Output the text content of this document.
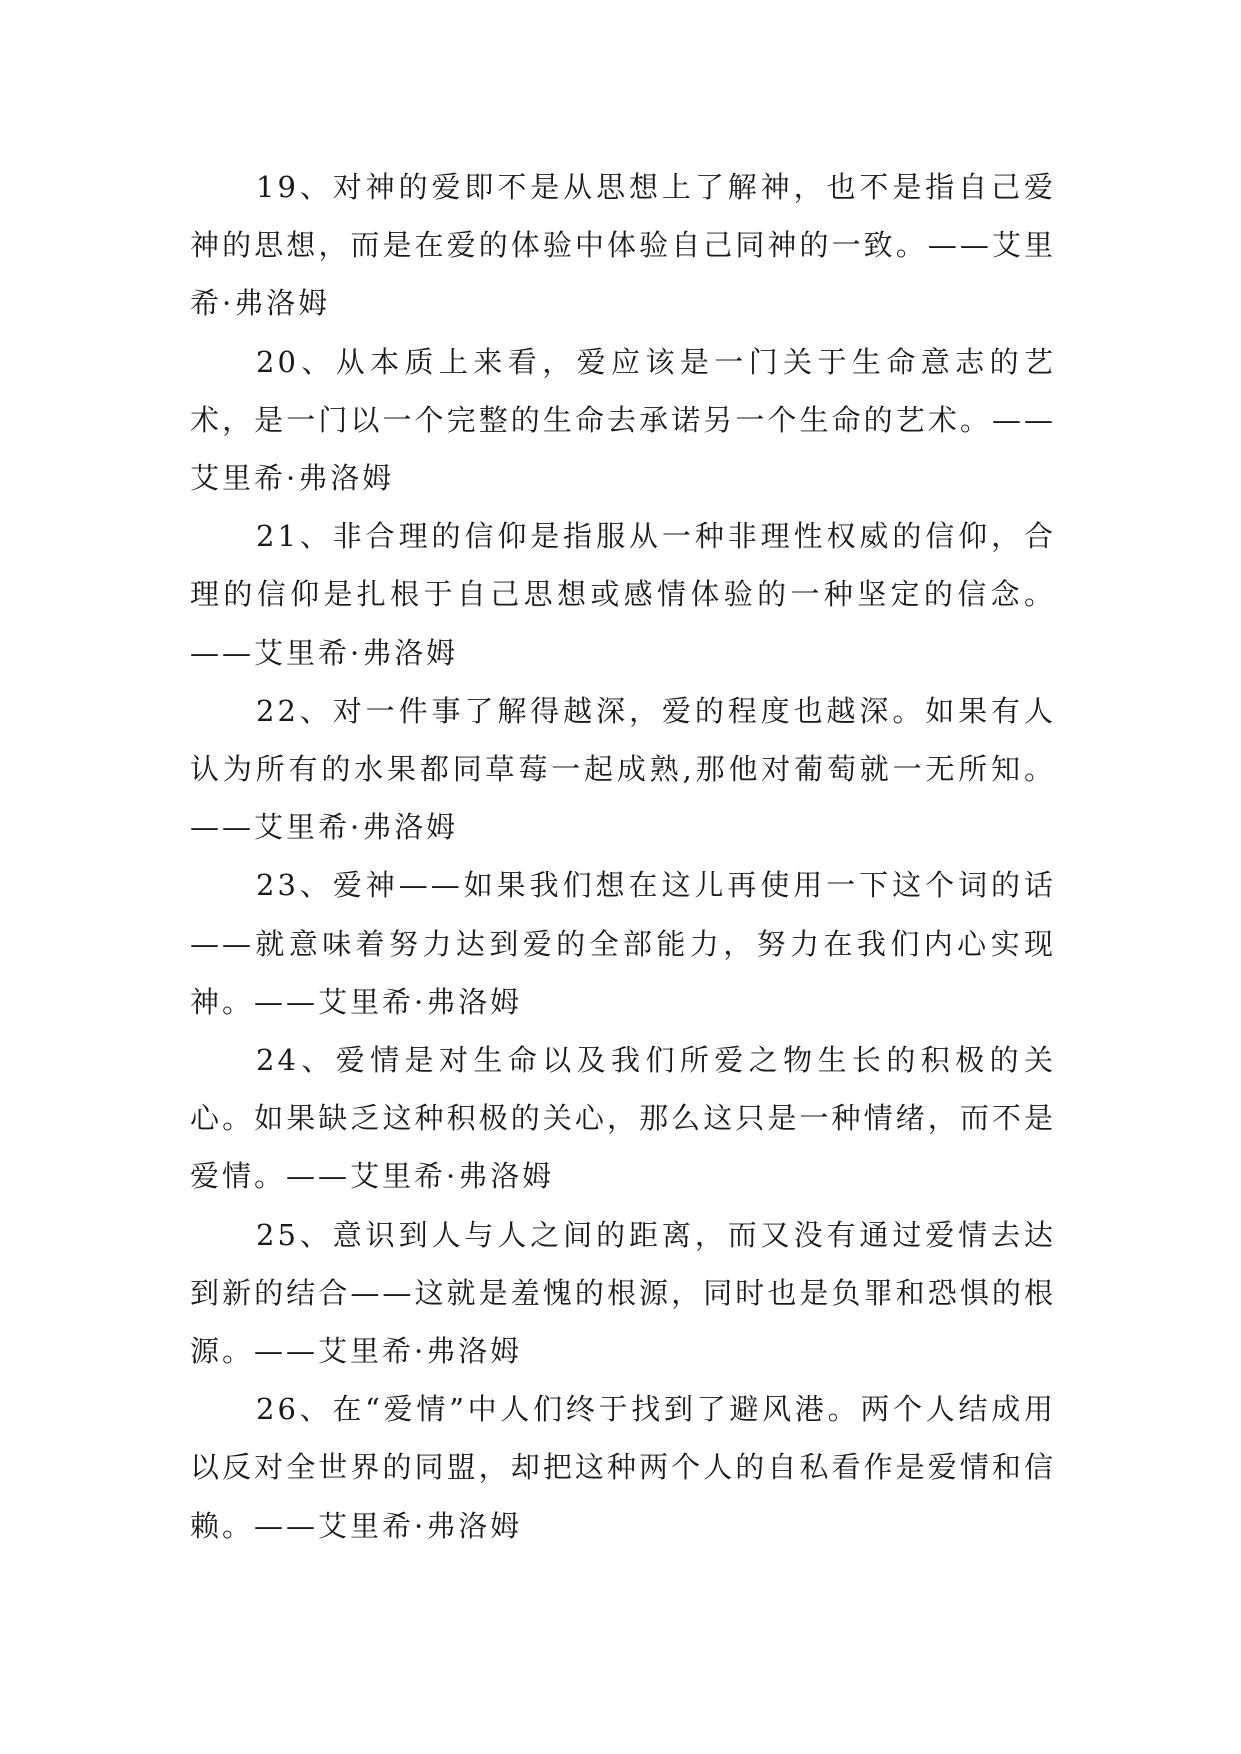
19、对神的爱即不是从思想上了解神，也不是指自己爱神的思想，而是在爱的体验中体验自己同神的一致。——艾里希·弗洛姆

20、从本质上来看，爱应该是一门关于生命意志的艺术，是一门以一个完整的生命去承诺另一个生命的艺术。——艾里希·弗洛姆

21、非合理的信仰是指服从一种非理性权威的信仰，合理的信仰是扎根于自己思想或感情体验的一种坚定的信念。——艾里希·弗洛姆

22、对一件事了解得越深，爱的程度也越深。如果有人认为所有的水果都同草莓一起成熟,那他对葡萄就一无所知。——艾里希·弗洛姆

23、爱神——如果我们想在这儿再使用一下这个词的话——就意味着努力达到爱的全部能力，努力在我们内心实现神。——艾里希·弗洛姆

24、爱情是对生命以及我们所爱之物生长的积极的关心。如果缺乏这种积极的关心，那么这只是一种情绪，而不是爱情。——艾里希·弗洛姆

25、意识到人与人之间的距离，而又没有通过爱情去达到新的结合——这就是羞愧的根源，同时也是负罪和恐惧的根源。——艾里希·弗洛姆

26、在“爱情”中人们终于找到了避风港。两个人结成用以反对全世界的同盟，却把这种两个人的自私看作是爱情和信赖。——艾里希·弗洛姆
